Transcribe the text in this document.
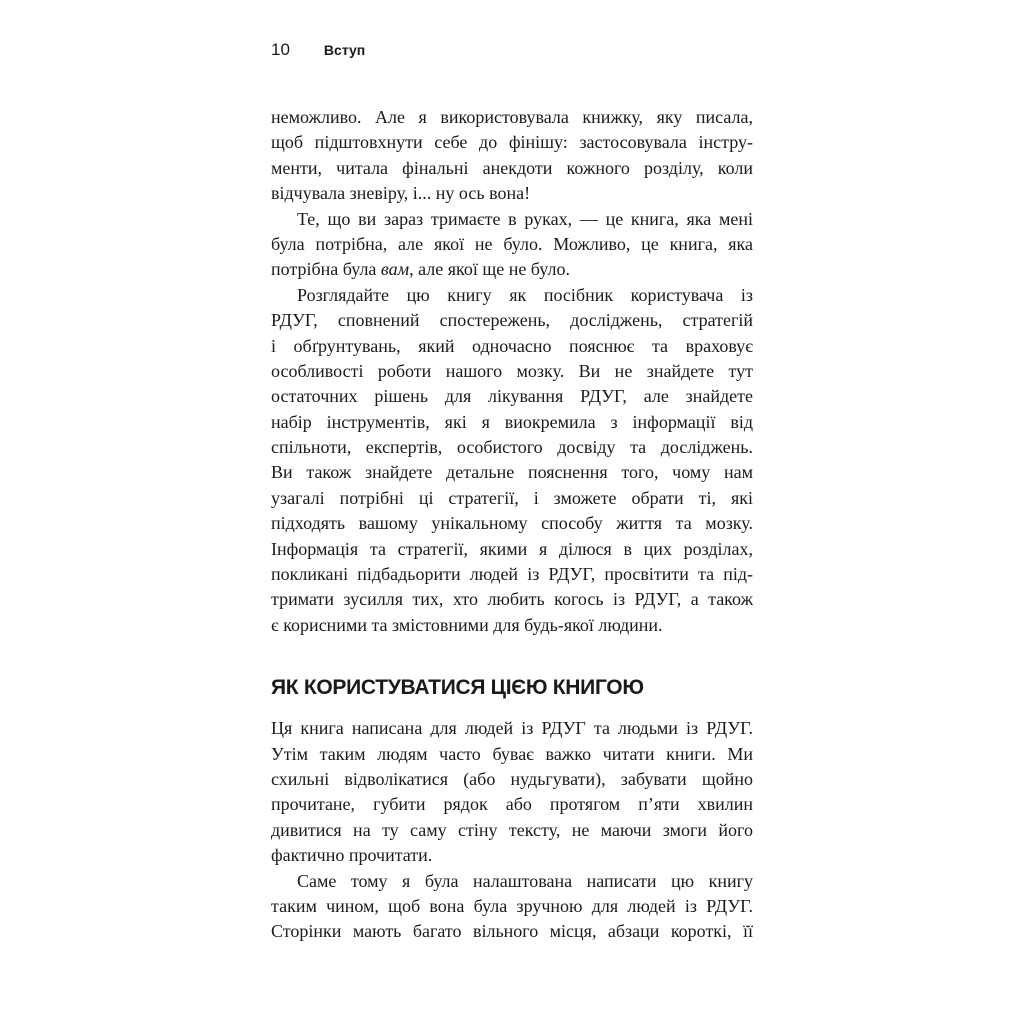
10 Вступ
неможливо. Але я використовувала книжку, яку писала,
щоб підштовхнути себе до фінішу: застосовувала інстру-
менти, читала фінальні анекдоти кожного розділу, коли
відчувала зневіру, і... ну ось вона!
Те, що ви зараз тримаєте в руках, — це книга, яка мені
була потрібна, але якої не було. Можливо, це книга, яка
потрібна була вам, але якої ще не було.
Розглядайте цю книгу як посібник користувача із
РДУГ, сповнений спостережень, досліджень, стратегій
і обґрунтувань, який одночасно пояснює та враховує
особливості роботи нашого мозку. Ви не знайдете тут
остаточних рішень для лікування РДУГ, але знайдете
набір інструментів, які я виокремила з інформації від
спільноти, експертів, особистого досвіду та досліджень.
Ви також знайдете детальне пояснення того, чому нам
узагалі потрібні ці стратегії, і зможете обрати ті, які
підходять вашому унікальному способу життя та мозку.
Інформація та стратегії, якими я ділюся в цих розділах,
покликані підбадьорити людей із РДУГ, просвітити та під-
тримати зусилля тих, хто любить когось із РДУГ, а також
є корисними та змістовними для будь-якої людини.
ЯК КОРИСТУВАТИСЯ ЦІЄЮ КНИГОЮ
Ця книга написана для людей із РДУГ та людьми із РДУГ.
Утім таким людям часто буває важко читати книги. Ми
схильні відволікатися (або нудьгувати), забувати щойно
прочитане, губити рядок або протягом п’яти хвилин
дивитися на ту саму стіну тексту, не маючи змоги його
фактично прочитати.
Саме тому я була налаштована написати цю книгу
таким чином, щоб вона була зручною для людей із РДУГ.
Сторінки мають багато вільного місця, абзаци короткі, її
